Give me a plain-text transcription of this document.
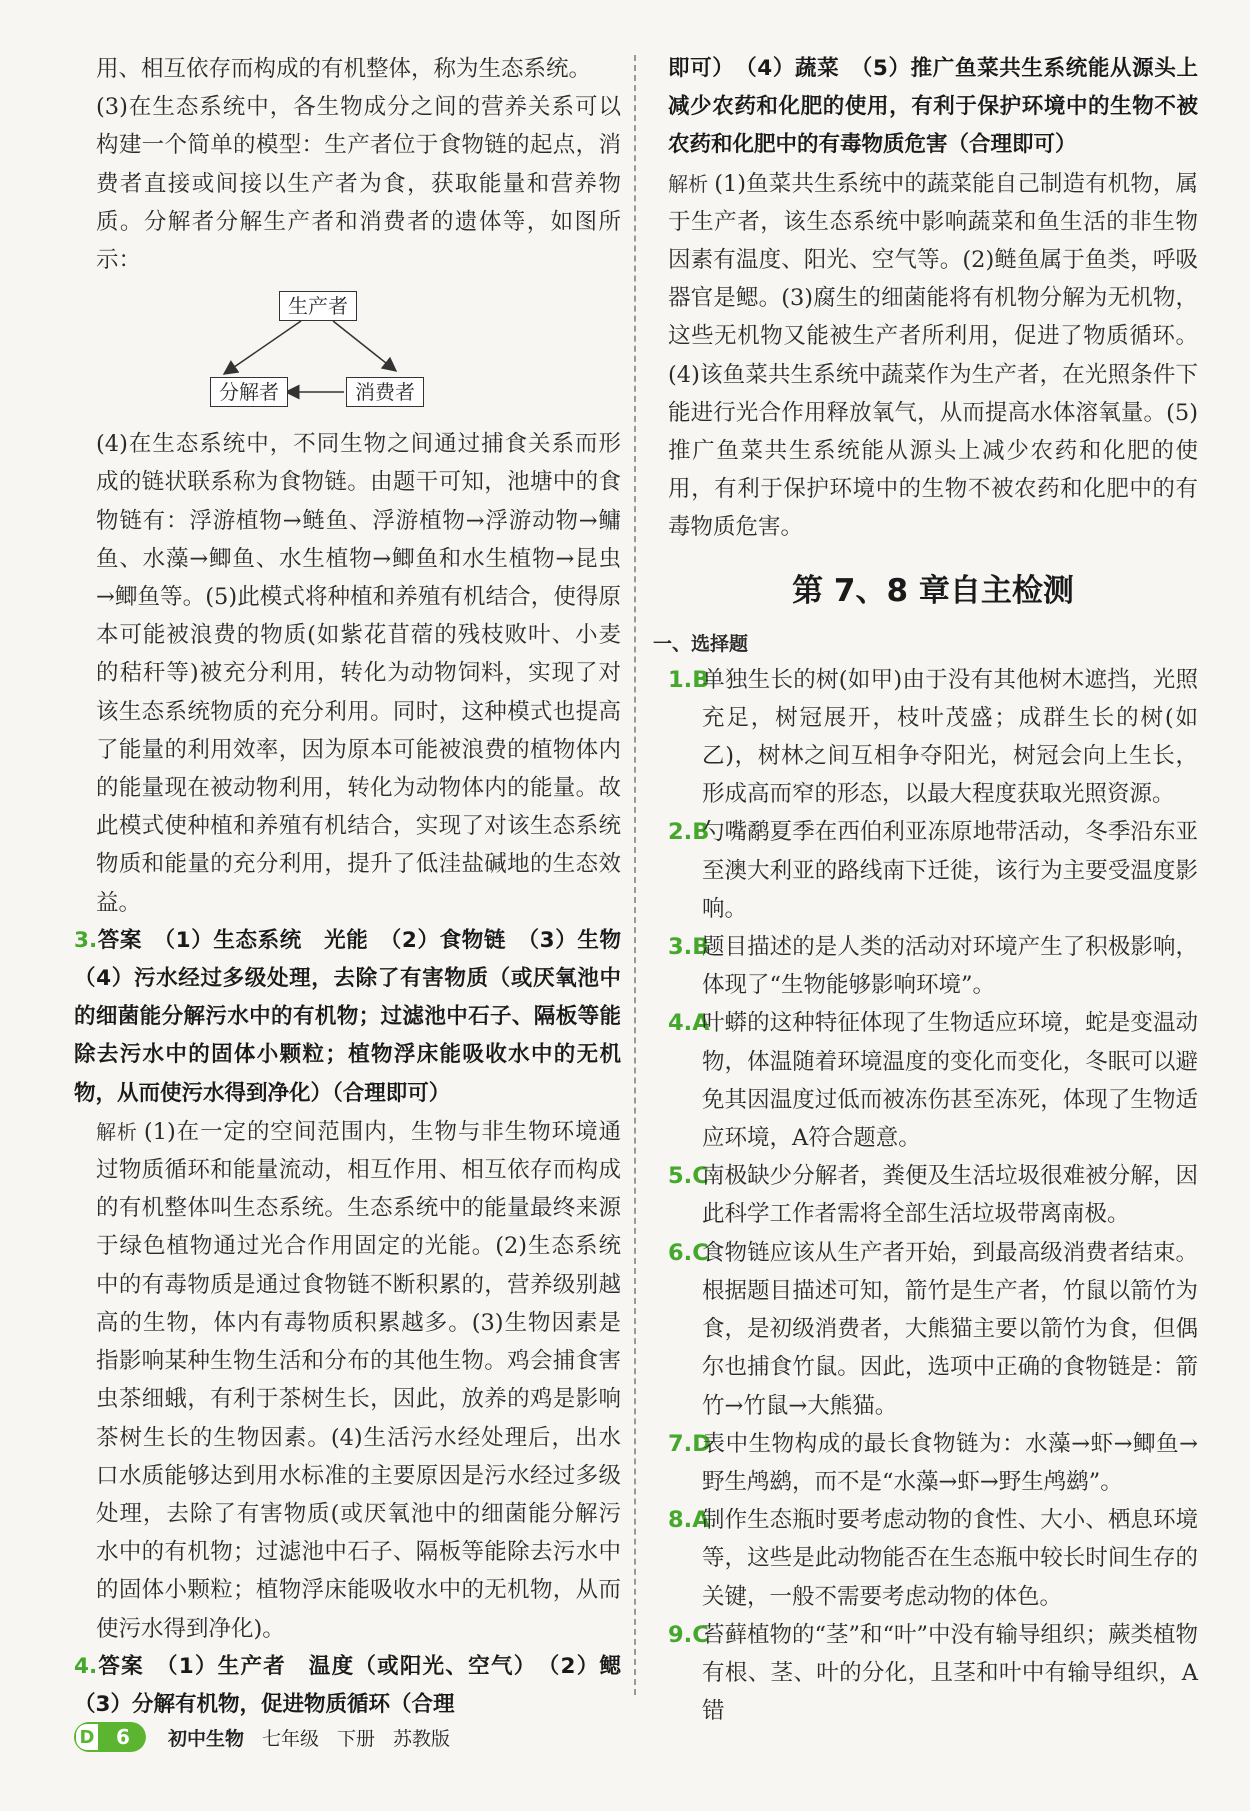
用、相互依存而构成的有机整体，称为生态系统。

(3)在生态系统中，各生物成分之间的营养关系可以构建一个简单的模型：生产者位于食物链的起点，消费者直接或间接以生产者为食，获取能量和营养物质。分解者分解生产者和消费者的遗体等，如图所示：

生产者
分解者	消费者

(4)在生态系统中，不同生物之间通过捕食关系而形成的链状联系称为食物链。由题干可知，池塘中的食物链有：浮游植物→鲢鱼、浮游植物→浮游动物→鳙鱼、水藻→鲫鱼、水生植物→鲫鱼和水生植物→昆虫→鲫鱼等。(5)此模式将种植和养殖有机结合，使得原本可能被浪费的物质(如紫花苜蓿的残枝败叶、小麦的秸秆等)被充分利用，转化为动物饲料，实现了对该生态系统物质的充分利用。同时，这种模式也提高了能量的利用效率，因为原本可能被浪费的植物体内的能量现在被动物利用，转化为动物体内的能量。故此模式使种植和养殖有机结合，实现了对该生态系统物质和能量的充分利用，提升了低洼盐碱地的生态效益。

3.答案　 （1）生态系统　光能　（2）食物链　（3）生物　（4）污水经过多级处理，去除了有害物质（或厌氧池中的细菌能分解污水中的有机物；过滤池中石子、隔板等能除去污水中的固体小颗粒；植物浮床能吸收水中的无机物，从而使污水得到净化）（合理即可）

解析 (1)在一定的空间范围内，生物与非生物环境通过物质循环和能量流动，相互作用、相互依存而构成的有机整体叫生态系统。生态系统中的能量最终来源于绿色植物通过光合作用固定的光能。(2)生态系统中的有毒物质是通过食物链不断积累的，营养级别越高的生物，体内有毒物质积累越多。(3)生物因素是指影响某种生物生活和分布的其他生物。鸡会捕食害虫茶细蛾，有利于茶树生长，因此，放养的鸡是影响茶树生长的生物因素。(4)生活污水经处理后，出水口水质能够达到用水标准的主要原因是污水经过多级处理，去除了有害物质(或厌氧池中的细菌能分解污水中的有机物；过滤池中石子、隔板等能除去污水中的固体小颗粒；植物浮床能吸收水中的无机物，从而使污水得到净化)。

4.答案　 （1）生产者　温度（或阳光、空气）　（2）鳃　（3）分解有机物，促进物质循环（合理

即可）　（4）蔬菜　（5）推广鱼菜共生系统能从源头上减少农药和化肥的使用，有利于保护环境中的生物不被农药和化肥中的有毒物质危害（合理即可）

解析 (1)鱼菜共生系统中的蔬菜能自己制造有机物，属于生产者，该生态系统中影响蔬菜和鱼生活的非生物因素有温度、阳光、空气等。(2)鲢鱼属于鱼类，呼吸器官是鳃。(3)腐生的细菌能将有机物分解为无机物，这些无机物又能被生产者所利用，促进了物质循环。(4)该鱼菜共生系统中蔬菜作为生产者，在光照条件下能进行光合作用释放氧气，从而提高水体溶氧量。(5)推广鱼菜共生系统能从源头上减少农药和化肥的使用，有利于保护环境中的生物不被农药和化肥中的有毒物质危害。

第 7、8 章自主检测
一、选择题

1.B单独生长的树(如甲)由于没有其他树木遮挡，光照充足，树冠展开，枝叶茂盛；成群生长的树(如乙)，树林之间互相争夺阳光，树冠会向上生长，形成高而窄的形态，以最大程度获取光照资源。

2.B勺嘴鹬夏季在西伯利亚冻原地带活动，冬季沿东亚至澳大利亚的路线南下迁徙，该行为主要受温度影响。

3.B题目描述的是人类的活动对环境产生了积极影响，体现了“生物能够影响环境”。

4.A叶蟒的这种特征体现了生物适应环境，蛇是变温动物，体温随着环境温度的变化而变化，冬眠可以避免其因温度过低而被冻伤甚至冻死，体现了生物适应环境，A符合题意。

5.C南极缺少分解者，粪便及生活垃圾很难被分解，因此科学工作者需将全部生活垃圾带离南极。

6.C食物链应该从生产者开始，到最高级消费者结束。根据题目描述可知，箭竹是生产者，竹鼠以箭竹为食，是初级消费者，大熊猫主要以箭竹为食，但偶尔也捕食竹鼠。因此，选项中正确的食物链是：箭竹→竹鼠→大熊猫。

7.D表中生物构成的最长食物链为：水藻→虾→鲫鱼→野生鸬鹚，而不是“水藻→虾→野生鸬鹚”。

8.A制作生态瓶时要考虑动物的食性、大小、栖息环境等，这些是此动物能否在生态瓶中较长时间生存的关键，一般不需要考虑动物的体色。

9.C苔藓植物的“茎”和“叶”中没有输导组织；蕨类植物有根、茎、叶的分化，且茎和叶中有输导组织，A错

D	6	初中生物 七年级 下册 苏教版
